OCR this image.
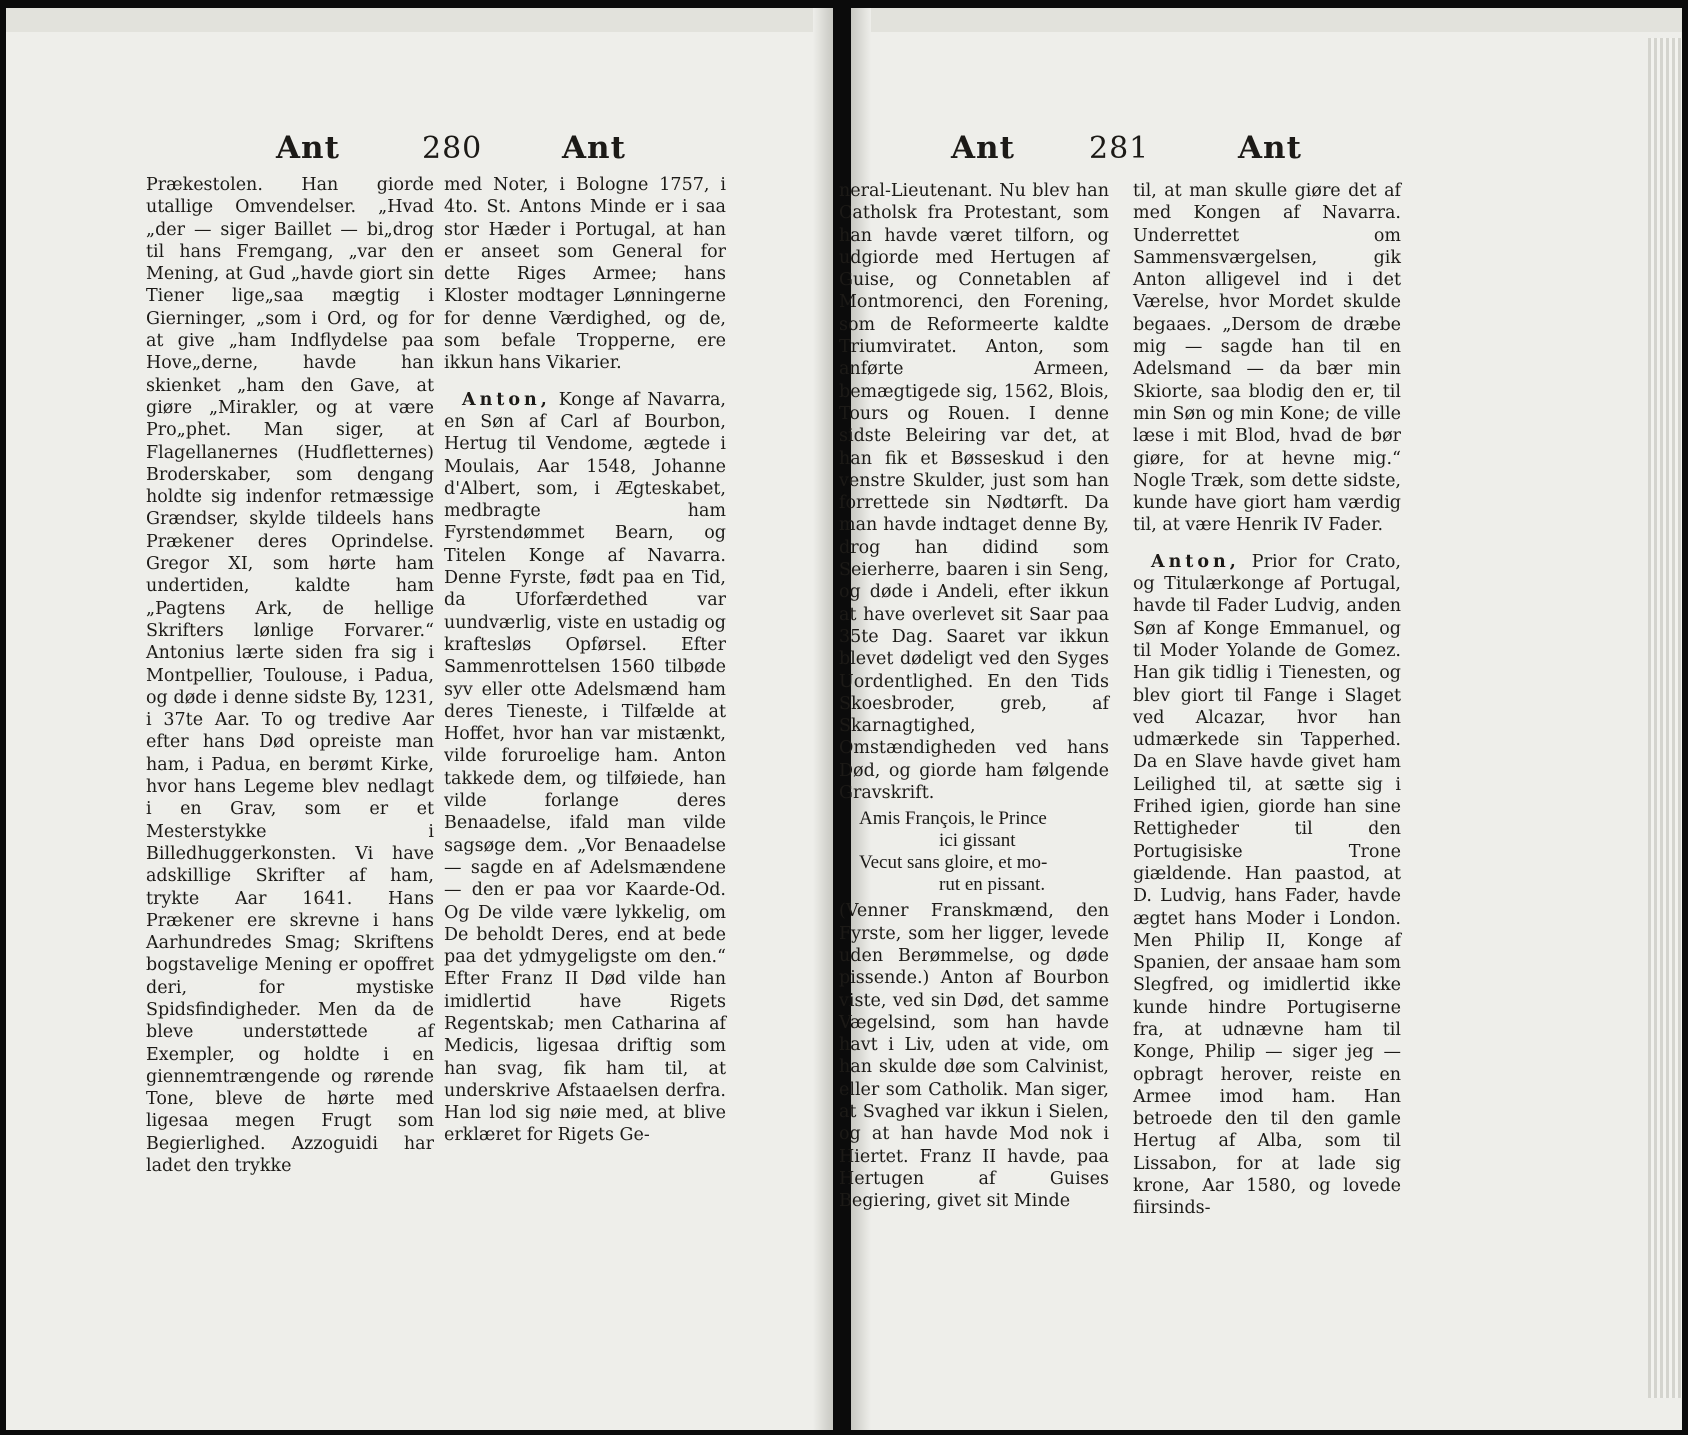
Ant	280	Ant

Prækestolen. Han giorde utallige Omvendelser. „Hvad „der — siger Baillet — bi„drog til hans Fremgang, „var den Mening, at Gud „havde giort sin Tiener lige„saa mægtig i Gierninger, „som i Ord, og for at give „ham Indflydelse paa Hove„derne, havde han skienket „ham den Gave, at giøre „Mirakler, og at være Pro„phet. Man siger, at Flagellanernes (Hudfletternes) Broderskaber, som dengang holdte sig indenfor retmæssige Grændser, skylde tildeels hans Prækener deres Oprindelse. Gregor XI, som hørte ham undertiden, kaldte ham „Pagtens Ark, de hellige Skrifters lønlige Forvarer.“ Antonius lærte siden fra sig i Montpellier, Toulouse, i Padua, og døde i denne sidste By, 1231, i 37te Aar. To og tredive Aar efter hans Død opreiste man ham, i Padua, en berømt Kirke, hvor hans Legeme blev nedlagt i en Grav, som er et Mesterstykke i Billedhuggerkonsten. Vi have adskillige Skrifter af ham, trykte Aar 1641. Hans Prækener ere skrevne i hans Aarhundredes Smag; Skriftens bogstavelige Mening er opoffret deri, for mystiske Spidsfindigheder. Men da de bleve understøttede af Exempler, og holdte i en giennemtrængende og rørende Tone, bleve de hørte med ligesaa megen Frugt som Begierlighed. Azzoguidi har ladet den trykke

med Noter, i Bologne 1757, i 4to. St. Antons Minde er i saa stor Hæder i Portugal, at han er anseet som General for dette Riges Armee; hans Kloster modtager Lønningerne for denne Værdighed, og de, som befale Tropperne, ere ikkun hans Vikarier.

Anton, Konge af Navarra, en Søn af Carl af Bourbon, Hertug til Vendome, ægtede i Moulais, Aar 1548, Johanne d'Albert, som, i Ægteskabet, medbragte ham Fyrstendømmet Bearn, og Titelen Konge af Navarra. Denne Fyrste, født paa en Tid, da Uforfærdethed var uundværlig, viste en ustadig og kraftesløs Opførsel. Efter Sammenrottelsen 1560 tilbøde syv eller otte Adelsmænd ham deres Tieneste, i Tilfælde at Hoffet, hvor han var mistænkt, vilde foruroelige ham. Anton takkede dem, og tilføiede, han vilde forlange deres Benaadelse, ifald man vilde sagsøge dem. „Vor Benaadelse — sagde en af Adelsmændene — den er paa vor Kaarde-Od. Og De vilde være lykkelig, om De beholdt Deres, end at bede paa det ydmygeligste om den.“ Efter Franz II Død vilde han imidlertid have Rigets Regentskab; men Catharina af Medicis, ligesaa driftig som han svag, fik ham til, at underskrive Afstaaelsen derfra. Han lod sig nøie med, at blive erklæret for Rigets Ge-

Ant 281	Ant

neral-Lieutenant. Nu blev han Catholsk fra Protestant, som han havde været tilforn, og udgiorde med Hertugen af Guise, og Connetablen af Montmorenci, den Forening, som de Reformeerte kaldte Triumviratet. Anton, som anførte Armeen, bemægtigede sig, 1562, Blois, Tours og Rouen. I denne sidste Beleiring var det, at han fik et Bøsseskud i den venstre Skulder, just som han forrettede sin Nødtørft. Da man havde indtaget denne By, drog han didind som Seierherre, baaren i sin Seng, og døde i Andeli, efter ikkun at have overlevet sit Saar paa 35te Dag. Saaret var ikkun blevet dødeligt ved den Syges Uordentlighed. En den Tids Skoesbroder, greb, af Skarnagtighed, Omstændigheden ved hans Død, og giorde ham følgende Gravskrift.

Amis François, le Prince
ici gissant
Vecut sans gloire, et mo-
rut en pissant.

(Venner Franskmænd, den Fyrste, som her ligger, levede uden Berømmelse, og døde pissende.) Anton af Bourbon viste, ved sin Død, det samme Vægelsind, som han havde havt i Liv, uden at vide, om han skulde døe som Calvinist, eller som Catholik. Man siger, at Svaghed var ikkun i Sielen, og at han havde Mod nok i Hiertet. Franz II havde, paa Hertugen af Guises Begiering, givet sit Minde

til, at man skulle giøre det af med Kongen af Navarra. Underrettet om Sammensværgelsen, gik Anton alligevel ind i det Værelse, hvor Mordet skulde begaaes. „Dersom de dræbe mig — sagde han til en Adelsmand — da bær min Skiorte, saa blodig den er, til min Søn og min Kone; de ville læse i mit Blod, hvad de bør giøre, for at hevne mig.“ Nogle Træk, som dette sidste, kunde have giort ham værdig til, at være Henrik IV Fader.

Anton, Prior for Crato, og Titulærkonge af Portugal, havde til Fader Ludvig, anden Søn af Konge Emmanuel, og til Moder Yolande de Gomez. Han gik tidlig i Tienesten, og blev giort til Fange i Slaget ved Alcazar, hvor han udmærkede sin Tapperhed. Da en Slave havde givet ham Leilighed til, at sætte sig i Frihed igien, giorde han sine Rettigheder til den Portugisiske Trone giældende. Han paastod, at D. Ludvig, hans Fader, havde ægtet hans Moder i London. Men Philip II, Konge af Spanien, der ansaae ham som Slegfred, og imidlertid ikke kunde hindre Portugiserne fra, at udnævne ham til Konge, Philip — siger jeg — opbragt herover, reiste en Armee imod ham. Han betroede den til den gamle Hertug af Alba, som til Lissabon, for at lade sig krone, Aar 1580, og lovede fiirsinds-
